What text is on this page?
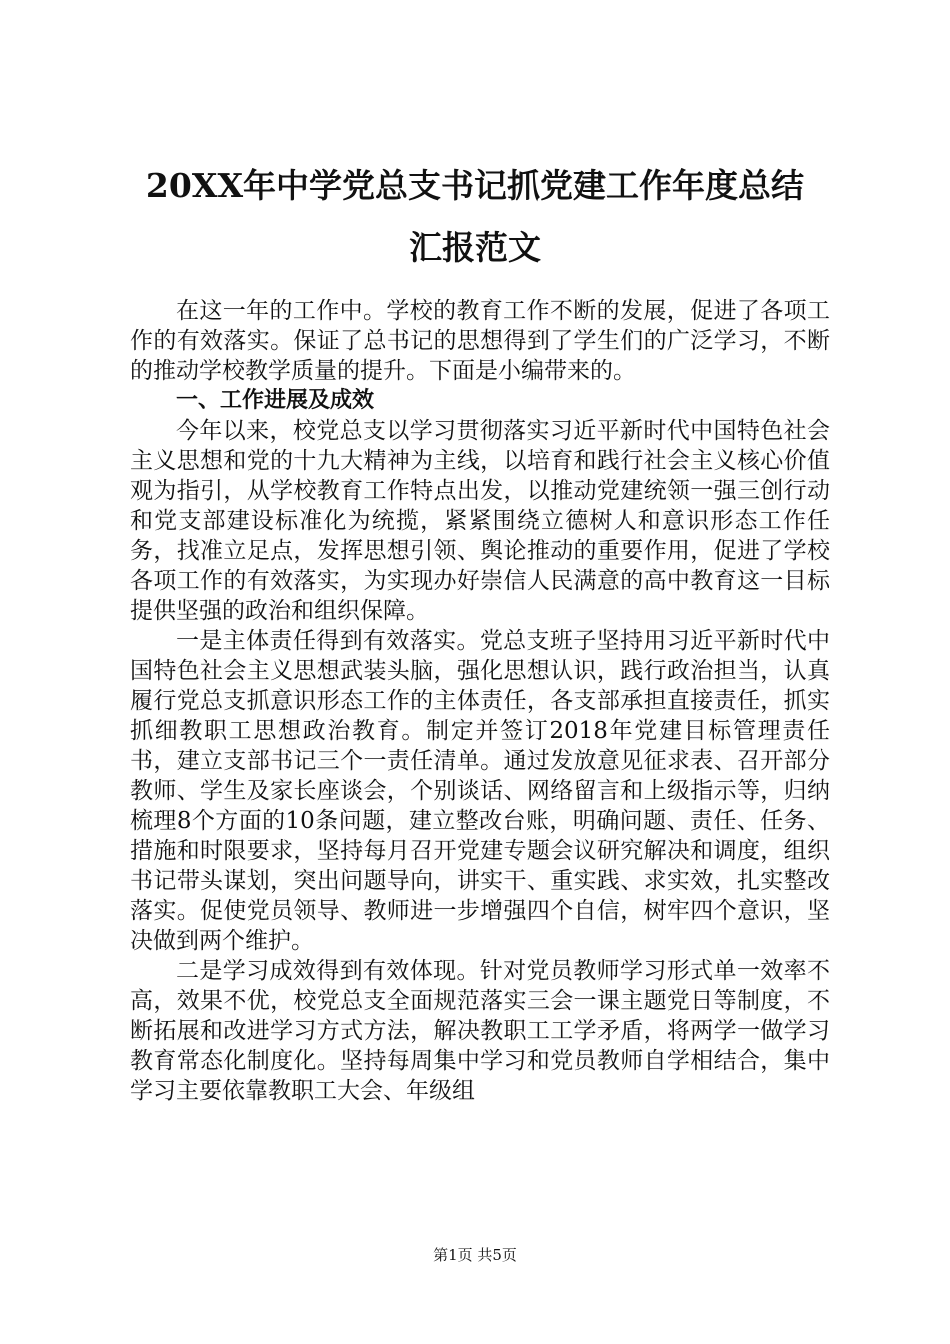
20XX年中学党总支书记抓党建工作年度总结
汇报范文

在这一年的工作中。学校的教育工作不断的发展，促进了各项工作的有效落实。保证了总书记的思想得到了学生们的广泛学习，不断的推动学校教学质量的提升。下面是小编带来的。

一、工作进展及成效

今年以来，校党总支以学习贯彻落实习近平新时代中国特色社会主义思想和党的十九大精神为主线，以培育和践行社会主义核心价值观为指引，从学校教育工作特点出发，以推动党建统领一强三创行动和党支部建设标准化为统揽，紧紧围绕立德树人和意识形态工作任务，找准立足点，发挥思想引领、舆论推动的重要作用，促进了学校各项工作的有效落实，为实现办好崇信人民满意的高中教育这一目标提供坚强的政治和组织保障。

一是主体责任得到有效落实。党总支班子坚持用习近平新时代中国特色社会主义思想武装头脑，强化思想认识，践行政治担当，认真履行党总支抓意识形态工作的主体责任，各支部承担直接责任，抓实抓细教职工思想政治教育。制定并签订2018年党建目标管理责任书，建立支部书记三个一责任清单。通过发放意见征求表、召开部分教师、学生及家长座谈会，个别谈话、网络留言和上级指示等，归纳梳理8个方面的10条问题，建立整改台账，明确问题、责任、任务、措施和时限要求，坚持每月召开党建专题会议研究解决和调度，组织书记带头谋划，突出问题导向，讲实干、重实践、求实效，扎实整改落实。促使党员领导、教师进一步增强四个自信，树牢四个意识，坚决做到两个维护。

二是学习成效得到有效体现。针对党员教师学习形式单一效率不高，效果不优，校党总支全面规范落实三会一课主题党日等制度，不断拓展和改进学习方式方法，解决教职工工学矛盾，将两学一做学习教育常态化制度化。坚持每周集中学习和党员教师自学相结合，集中学习主要依靠教职工大会、年级组

第1页 共5页
